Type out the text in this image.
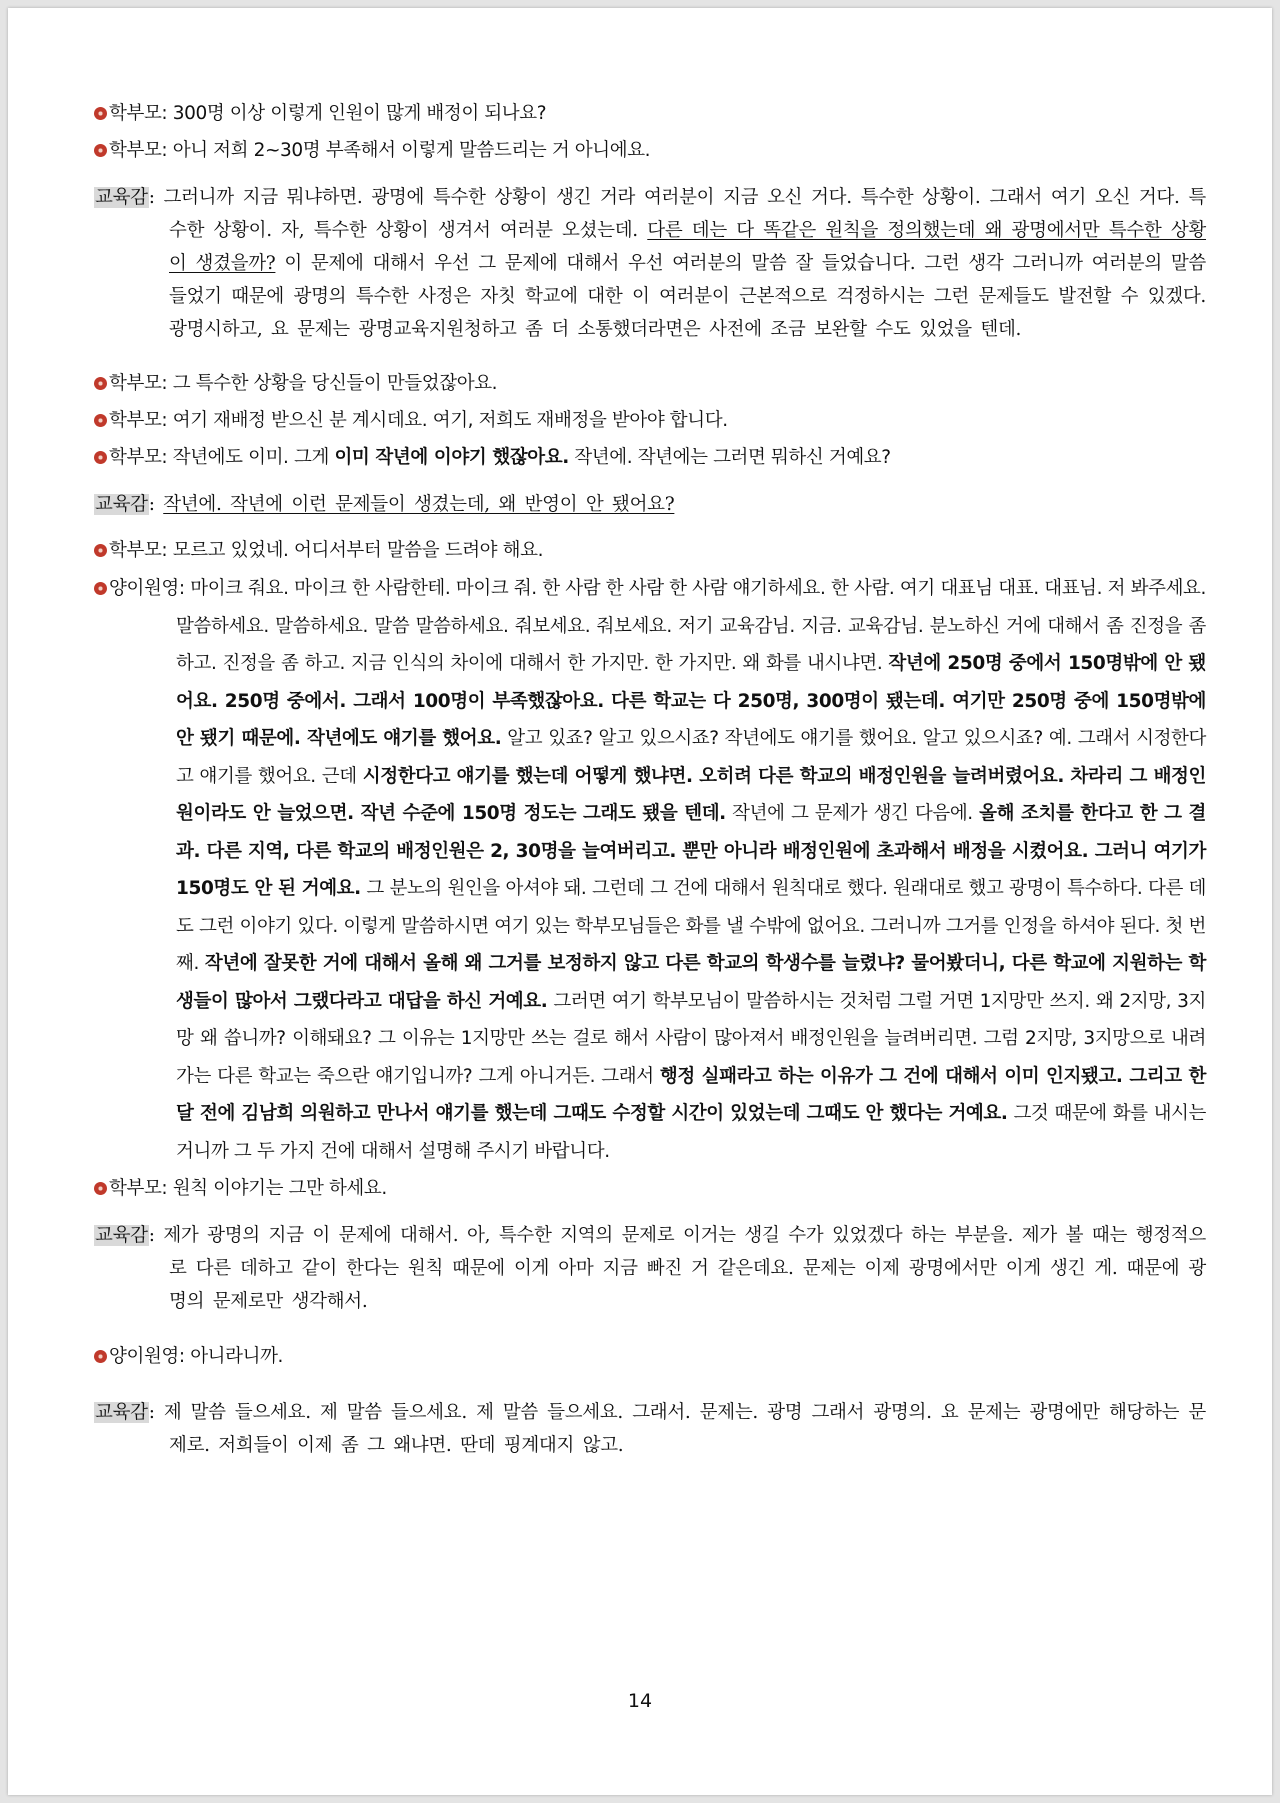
학부모: 300명 이상 이렇게 인원이 많게 배정이 되나요?
학부모: 아니 저희 2~30명 부족해서 이렇게 말씀드리는 거 아니에요.
교육감: 그러니까 지금 뭐냐하면. 광명에 특수한 상황이 생긴 거라 여러분이 지금 오신 거다. 특수한 상황이. 그래서 여기 오신 거다. 특수한 상황이. 자, 특수한 상황이 생겨서 여러분 오셨는데. 다른 데는 다 똑같은 원칙을 정의했는데 왜 광명에서만 특수한 상황이 생겼을까? 이 문제에 대해서 우선 그 문제에 대해서 우선 여러분의 말씀 잘 들었습니다. 그런 생각 그러니까 여러분의 말씀 들었기 때문에 광명의 특수한 사정은 자칫 학교에 대한 이 여러분이 근본적으로 걱정하시는 그런 문제들도 발전할 수 있겠다. 광명시하고, 요 문제는 광명교육지원청하고 좀 더 소통했더라면은 사전에 조금 보완할 수도 있었을 텐데.
학부모: 그 특수한 상황을 당신들이 만들었잖아요.
학부모: 여기 재배정 받으신 분 계시데요. 여기, 저희도 재배정을 받아야 합니다.
학부모: 작년에도 이미. 그게 이미 작년에 이야기 했잖아요. 작년에. 작년에는 그러면 뭐하신 거예요?
교육감: 작년에. 작년에 이런 문제들이 생겼는데, 왜 반영이 안 됐어요?
학부모: 모르고 있었네. 어디서부터 말씀을 드려야 해요.
양이원영: 마이크 줘요. 마이크 한 사람한테. 마이크 줘. 한 사람 한 사람 한 사람 얘기하세요. 한 사람. 여기 대표님 대표. 대표님. 저 봐주세요. 말씀하세요. 말씀하세요. 말씀 말씀하세요. 줘보세요. 줘보세요. 저기 교육감님. 지금. 교육감님. 분노하신 거에 대해서 좀 진정을 좀 하고. 진정을 좀 하고. 지금 인식의 차이에 대해서 한 가지만. 한 가지만. 왜 화를 내시냐면. 작년에 250명 중에서 150명밖에 안 됐어요. 250명 중에서. 그래서 100명이 부족했잖아요. 다른 학교는 다 250명, 300명이 됐는데. 여기만 250명 중에 150명밖에 안 됐기 때문에. 작년에도 얘기를 했어요. 알고 있죠? 알고 있으시죠? 작년에도 얘기를 했어요. 알고 있으시죠? 예. 그래서 시정한다고 얘기를 했어요. 근데 시정한다고 얘기를 했는데 어떻게 했냐면. 오히려 다른 학교의 배정인원을 늘려버렸어요. 차라리 그 배정인원이라도 안 늘었으면. 작년 수준에 150명 정도는 그래도 됐을 텐데. 작년에 그 문제가 생긴 다음에. 올해 조치를 한다고 한 그 결과. 다른 지역, 다른 학교의 배정인원은 2, 30명을 늘여버리고. 뿐만 아니라 배정인원에 초과해서 배정을 시켰어요. 그러니 여기가 150명도 안 된 거예요. 그 분노의 원인을 아셔야 돼. 그런데 그 건에 대해서 원칙대로 했다. 원래대로 했고 광명이 특수하다. 다른 데도 그런 이야기 있다. 이렇게 말씀하시면 여기 있는 학부모님들은 화를 낼 수밖에 없어요. 그러니까 그거를 인정을 하셔야 된다. 첫 번째. 작년에 잘못한 거에 대해서 올해 왜 그거를 보정하지 않고 다른 학교의 학생수를 늘렸냐? 물어봤더니, 다른 학교에 지원하는 학생들이 많아서 그랬다라고 대답을 하신 거예요. 그러면 여기 학부모님이 말씀하시는 것처럼 그럴 거면 1지망만 쓰지. 왜 2지망, 3지망 왜 씁니까? 이해돼요? 그 이유는 1지망만 쓰는 걸로 해서 사람이 많아져서 배정인원을 늘려버리면. 그럼 2지망, 3지망으로 내려가는 다른 학교는 죽으란 얘기입니까? 그게 아니거든. 그래서 행정 실패라고 하는 이유가 그 건에 대해서 이미 인지됐고. 그리고 한 달 전에 김남희 의원하고 만나서 얘기를 했는데 그때도 수정할 시간이 있었는데 그때도 안 했다는 거예요. 그것 때문에 화를 내시는 거니까 그 두 가지 건에 대해서 설명해 주시기 바랍니다.
학부모: 원칙 이야기는 그만 하세요.
교육감: 제가 광명의 지금 이 문제에 대해서. 아, 특수한 지역의 문제로 이거는 생길 수가 있었겠다 하는 부분을. 제가 볼 때는 행정적으로 다른 데하고 같이 한다는 원칙 때문에 이게 아마 지금 빠진 거 같은데요. 문제는 이제 광명에서만 이게 생긴 게. 때문에 광명의 문제로만 생각해서.
양이원영: 아니라니까.
교육감: 제 말씀 들으세요. 제 말씀 들으세요. 제 말씀 들으세요. 그래서. 문제는. 광명 그래서 광명의. 요 문제는 광명에만 해당하는 문제로. 저희들이 이제 좀 그 왜냐면. 딴데 핑계대지 않고.
14
